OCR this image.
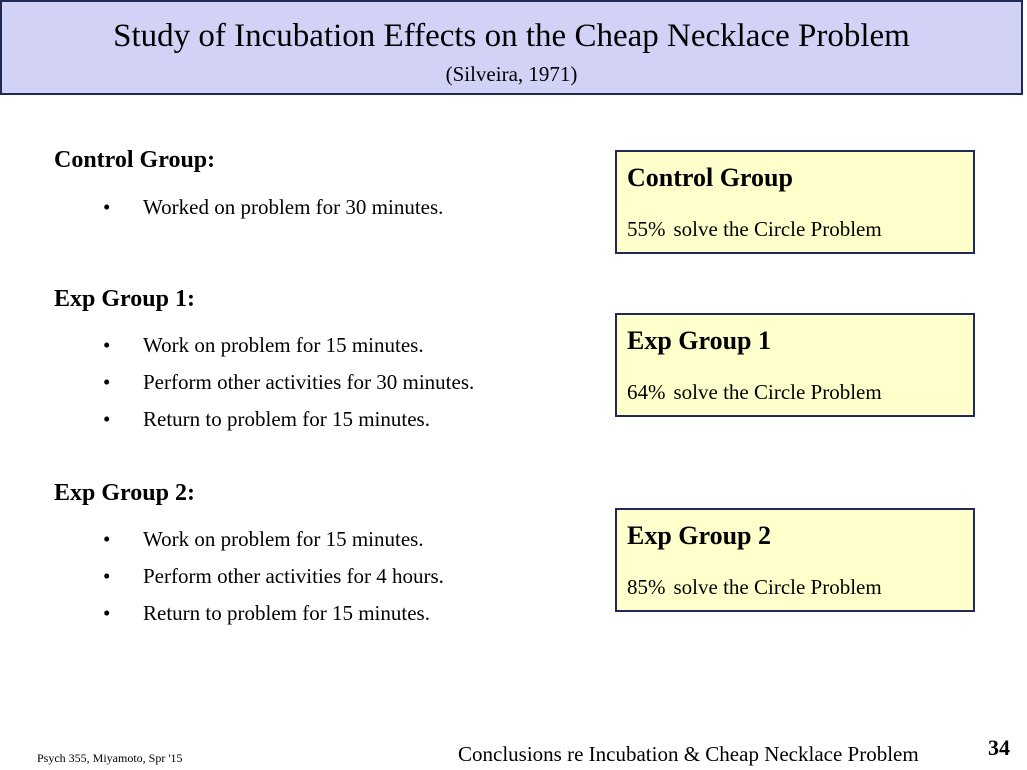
Study of Incubation Effects on the Cheap Necklace Problem
(Silveira, 1971)
Control Group:
• Worked on problem for 30 minutes.
Exp Group 1:
• Work on problem for 15 minutes.
• Perform other activities for 30 minutes.
• Return to problem for 15 minutes.
Exp Group 2:
• Work on problem for 15 minutes.
• Perform other activities for 4 hours.
• Return to problem for 15 minutes.
Control Group
55% solve the Circle Problem
Exp Group 1
64% solve the Circle Problem
Exp Group 2
85% solve the Circle Problem
Psych 355, Miyamoto, Spr '15	Conclusions re Incubation & Cheap Necklace Problem	34
